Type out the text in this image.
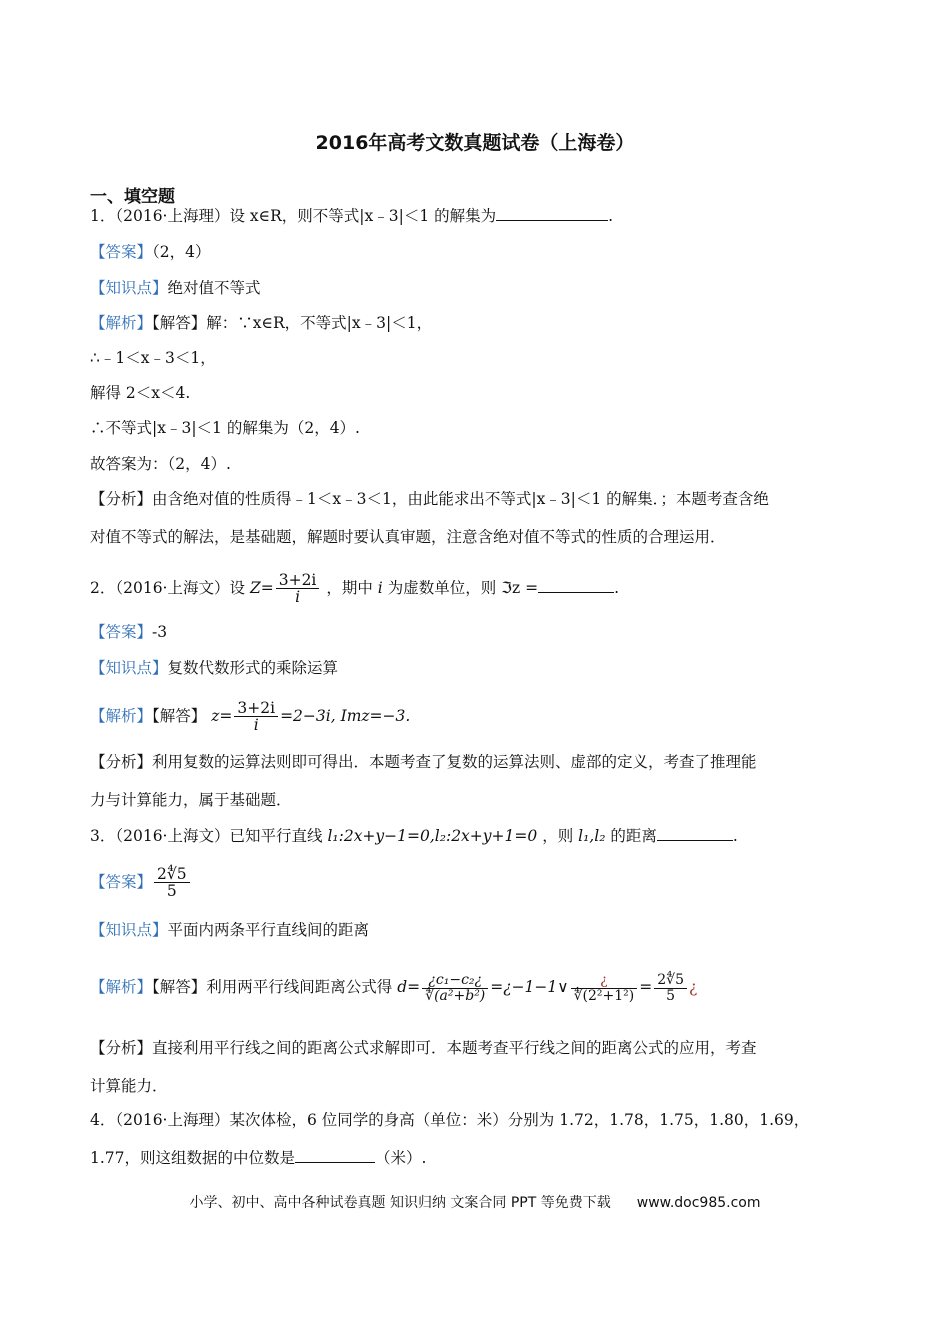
2016年高考文数真题试卷（上海卷）
一、填空题
1．（2016·上海理）设 x∈R，则不等式|x﹣3|＜1 的解集为	.
【答案】（2，4）
【知识点】绝对值不等式
【解析】【解答】解：∵x∈R，不等式|x﹣3|＜1，
∴﹣1＜x﹣3＜1，
解得 2＜x＜4.
∴不等式|x﹣3|＜1 的解集为（2，4）.
故答案为：（2，4）.
【分析】由含绝对值的性质得﹣1＜x﹣3＜1，由此能求出不等式|x﹣3|＜1 的解集．；本题考查含绝
对值不等式的解法，是基础题，解题时要认真审题，注意含绝对值不等式的性质的合理运用．
2．（2016·上海文）设 $Z= \frac{3+2i}{i}$ ，期中 i 为虚数单位，则 ℑz =	.
【答案】-3
【知识点】复数代数形式的乘除运算
【解析】【解答】 $z= \frac{3+2i}{i} =2-3i$, Imz=−3.
【分析】利用复数的运算法则即可得出．本题考查了复数的运算法则、虚部的定义，考查了推理能
力与计算能力，属于基础题．
3．（2016·上海文）已知平行直线 l₁:2x+y−1=0,l₂:2x+y+1=0 ，则 l₁,l₂ 的距离	.
【答案】 $\frac{2∜5}{5}$
【知识点】平面内两条平行直线间的距离
【解析】【解答】利用两平行线间距离公式得 $d= \frac{\text{¿c₁−c₂¿}}{\text{∜(a²+b²)}}$ =¿−1−1∨ $\frac{¿}{\text{∜(2²+1²)}} = \frac{2∜5}{5}$ ¿
【分析】直接利用平行线之间的距离公式求解即可．本题考查平行线之间的距离公式的应用，考查
计算能力．
4．（2016·上海理）某次体检，6 位同学的身高（单位：米）分别为 1.72，1.78，1.75，1.80，1.69，
1.77，则这组数据的中位数是	（米）.
小学、初中、高中各种试卷真题 知识归纳 文案合同 PPT 等免费下载 www.doc985.com
